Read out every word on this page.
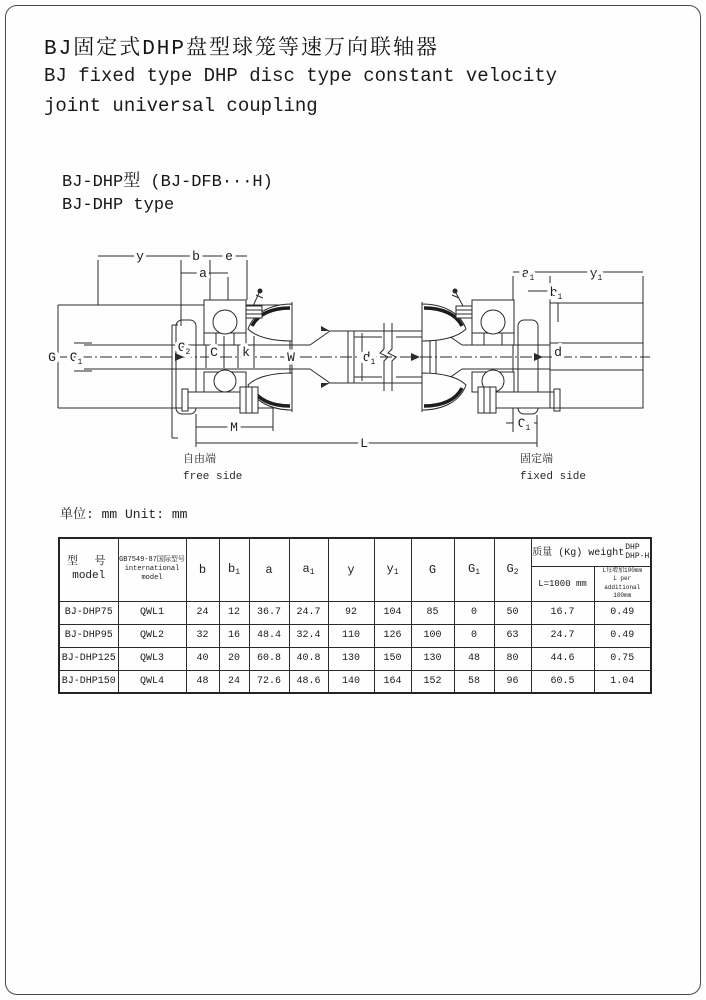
BJ固定式DHP盘型球笼等速万向联轴器
BJ fixed type DHP disc type constant velocity
joint universal coupling
BJ-DHP型 (BJ-DFB···H)
BJ-DHP type
y	b e
a
G $G_1$
$G_2$ C k	W	$d_1$
d
$a_1$	$y_1$
$b_1$
M
L
$C_1$
自由端
free side
固定端
fixed side
单位: mm Unit: mm
型 号
model

GB7549-87国际型号
international model
	b	$b_1$	a	$a_1$	y	$y_1$	G	$G_1$	$G_2$	质量 (Kg) weight
DHP
DHP-H

											L=1000 mm	L每增加100mm
L per additional 100mm

BJ-DHP75	QWL1	24	12	36.7	24.7	92	104	85	0	50	16.7	0.49
BJ-DHP95	QWL2	32	16	48.4	32.4	110	126	100	0	63	24.7	0.49
BJ-DHP125	QWL3	40	20	60.8	40.8	130	150	130	48	80	44.6	0.75
BJ-DHP150	QWL4	48	24	72.6	48.6	140	164	152	58	96	60.5	1.04
